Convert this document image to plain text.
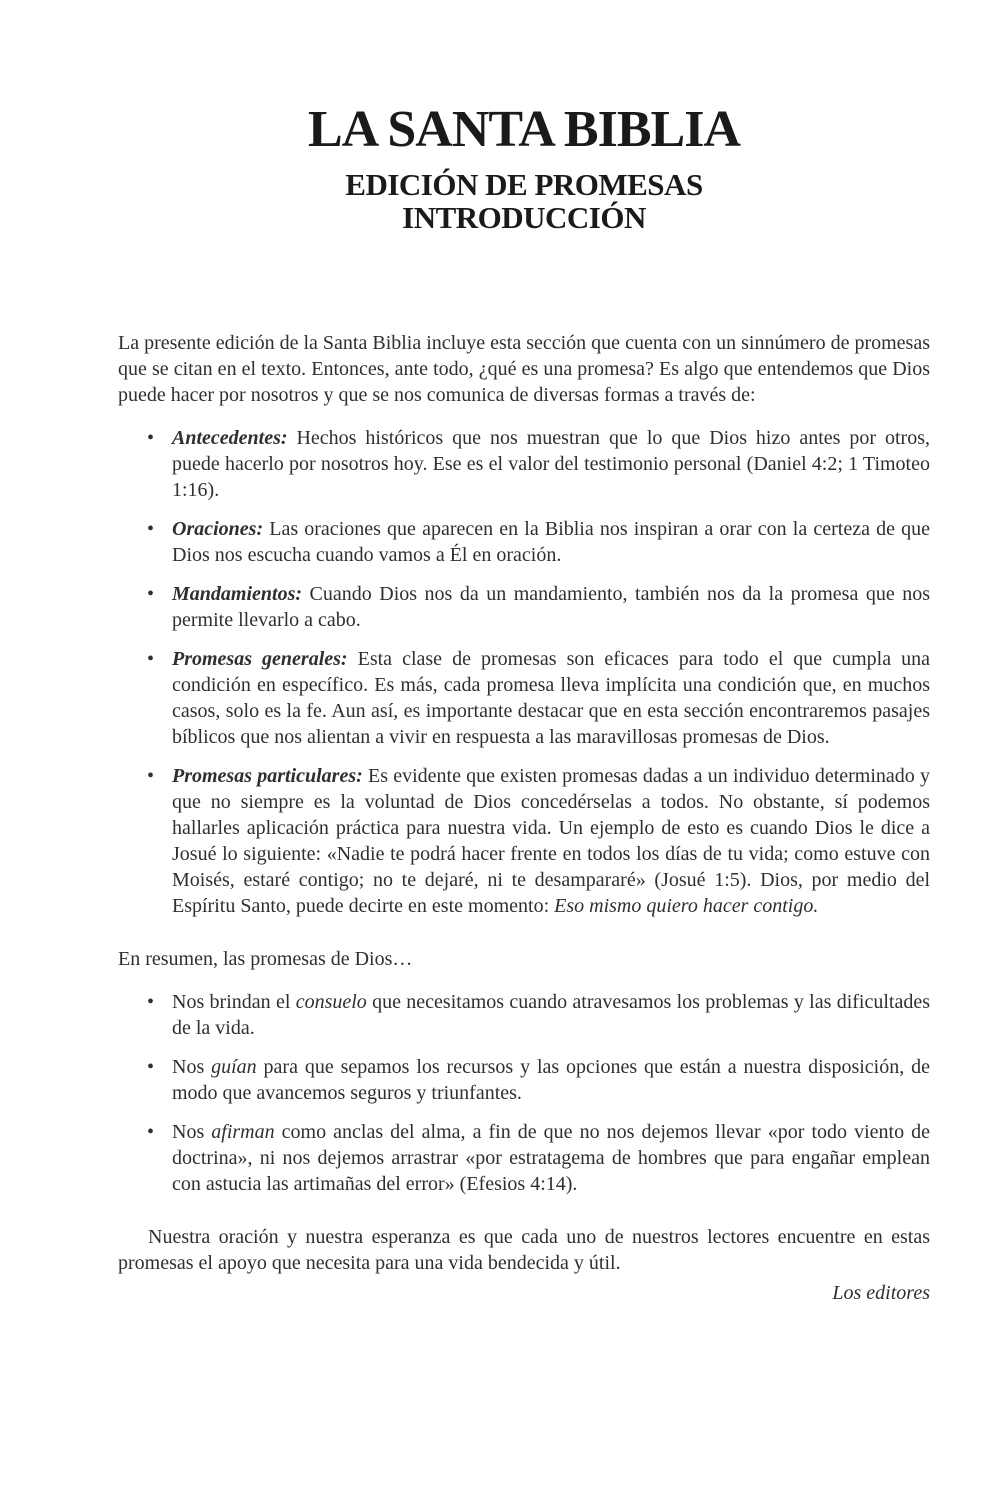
LA SANTA BIBLIA
EDICIÓN DE PROMESAS
INTRODUCCIÓN

La presente edición de la Santa Biblia incluye esta sección que cuenta con un sinnúmero de promesas que se citan en el texto. Entonces, ante todo, ¿qué es una promesa? Es algo que entendemos que Dios puede hacer por nosotros y que se nos comunica de diversas formas a través de:

• Antecedentes: Hechos históricos que nos muestran que lo que Dios hizo antes por otros, puede hacerlo por nosotros hoy. Ese es el valor del testimonio personal (Daniel 4:2; 1 Timoteo 1:16).
• Oraciones: Las oraciones que aparecen en la Biblia nos inspiran a orar con la certeza de que Dios nos escucha cuando vamos a Él en oración.
• Mandamientos: Cuando Dios nos da un mandamiento, también nos da la promesa que nos permite llevarlo a cabo.
• Promesas generales: Esta clase de promesas son eficaces para todo el que cumpla una condición en específico. Es más, cada promesa lleva implícita una condición que, en muchos casos, solo es la fe. Aun así, es importante destacar que en esta sección encontraremos pasajes bíblicos que nos alientan a vivir en respuesta a las maravillosas promesas de Dios.
• Promesas particulares: Es evidente que existen promesas dadas a un individuo determinado y que no siempre es la voluntad de Dios concedérselas a todos. No obstante, sí podemos hallarles aplicación práctica para nuestra vida. Un ejemplo de esto es cuando Dios le dice a Josué lo siguiente: «Nadie te podrá hacer frente en todos los días de tu vida; como estuve con Moisés, estaré contigo; no te dejaré, ni te desampararé» (Josué 1:5). Dios, por medio del Espíritu Santo, puede decirte en este momento: Eso mismo quiero hacer contigo.

En resumen, las promesas de Dios…

• Nos brindan el consuelo que necesitamos cuando atravesamos los problemas y las dificultades de la vida.
• Nos guían para que sepamos los recursos y las opciones que están a nuestra disposición, de modo que avancemos seguros y triunfantes.
• Nos afirman como anclas del alma, a fin de que no nos dejemos llevar «por todo viento de doctrina», ni nos dejemos arrastrar «por estratagema de hombres que para engañar emplean con astucia las artimañas del error» (Efesios 4:14).

Nuestra oración y nuestra esperanza es que cada uno de nuestros lectores encuentre en estas promesas el apoyo que necesita para una vida bendecida y útil.

Los editores
